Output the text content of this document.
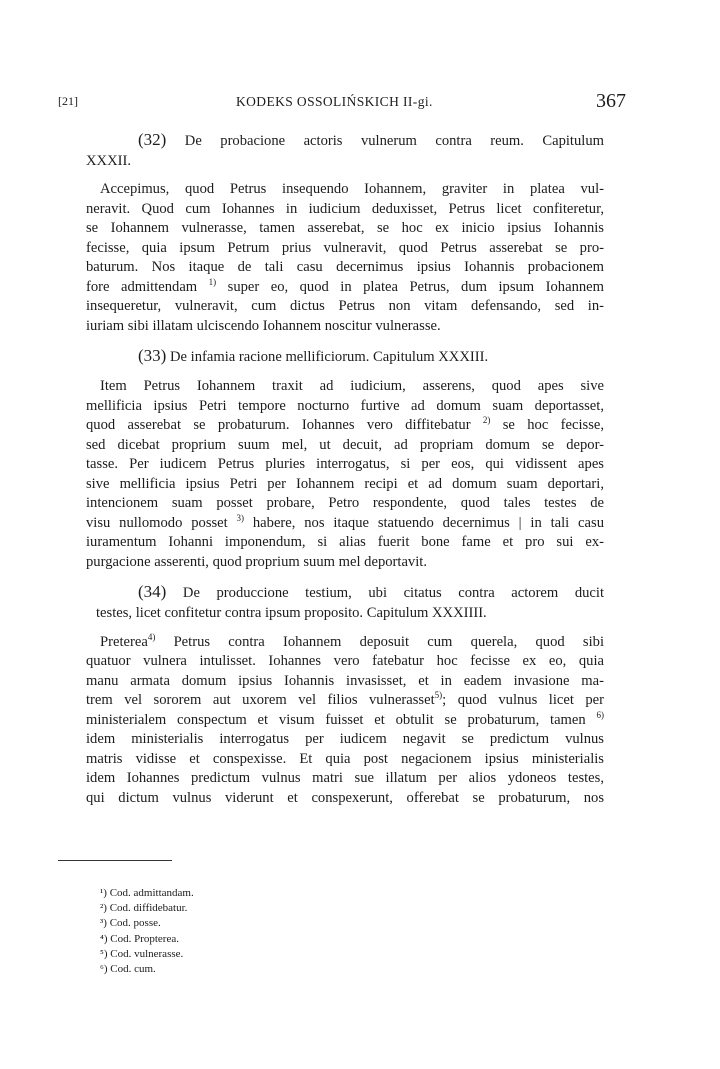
[21]	KODEKS OSSOLIŃSKICH II-gi.	367

(32) De probacione actoris vulnerum contra reum. Capitulum

XXXII.

Accepimus, quod Petrus insequendo Iohannem, graviter in platea vul-

neravit. Quod cum Iohannes in iudicium deduxisset, Petrus licet confiteretur,

se Iohannem vulnerasse, tamen asserebat, se hoc ex inicio ipsius Iohannis

fecisse, quia ipsum Petrum prius vulneravit, quod Petrus asserebat se pro-

baturum. Nos itaque de tali casu decernimus ipsius Iohannis probacionem

fore admittendam $^{1)}$ super eo, quod in platea Petrus, dum ipsum Iohannem

insequeretur, vulneravit, cum dictus Petrus non vitam defensando, sed in-

iuriam sibi illatam ulciscendo Iohannem noscitur vulnerasse.

(33) De infamia racione mellificiorum. Capitulum XXXIII.

Item Petrus Iohannem traxit ad iudicium, asserens, quod apes sive

mellificia ipsius Petri tempore nocturno furtive ad domum suam deportasset,

quod asserebat se probaturum. Iohannes vero diffitebatur $^{2)}$ se hoc fecisse,

sed dicebat proprium suum mel, ut decuit, ad propriam domum se depor-

tasse. Per iudicem Petrus pluries interrogatus, si per eos, qui vidissent apes

sive mellificia ipsius Petri per Iohannem recipi et ad domum suam deportari,

intencionem suam posset probare, Petro respondente, quod tales testes de

visu nullomodo posset $^{3)}$ habere, nos itaque statuendo decernimus | in tali casu

iuramentum Iohanni imponendum, si alias fuerit bone fame et pro sui ex-

purgacione asserenti, quod proprium suum mel deportavit.

(34) De produccione testium, ubi citatus contra actorem ducit

testes, licet confitetur contra ipsum proposito. Capitulum XXXIIII.

Preterea$^{4)}$ Petrus contra Iohannem deposuit cum querela, quod sibi

quatuor vulnera intulisset. Iohannes vero fatebatur hoc fecisse ex eo, quia

manu armata domum ipsius Iohannis invasisset, et in eadem invasione ma-

trem vel sororem aut uxorem vel filios vulnerasset$^{5)}$; quod vulnus licet per

ministerialem conspectum et visum fuisset et obtulit se probaturum, tamen $^{6)}$

idem ministerialis interrogatus per iudicem negavit se predictum vulnus

matris vidisse et conspexisse. Et quia post negacionem ipsius ministerialis

idem Iohannes predictum vulnus matri sue illatum per alios ydoneos testes,

qui dictum vulnus viderunt et conspexerunt, offerebat se probaturum, nos

¹) Cod. admittandam.
²) Cod. diffidebatur.
³) Cod. posse.
⁴) Cod. Propterea.
⁵) Cod. vulnerasse.
⁶) Cod. cum.
